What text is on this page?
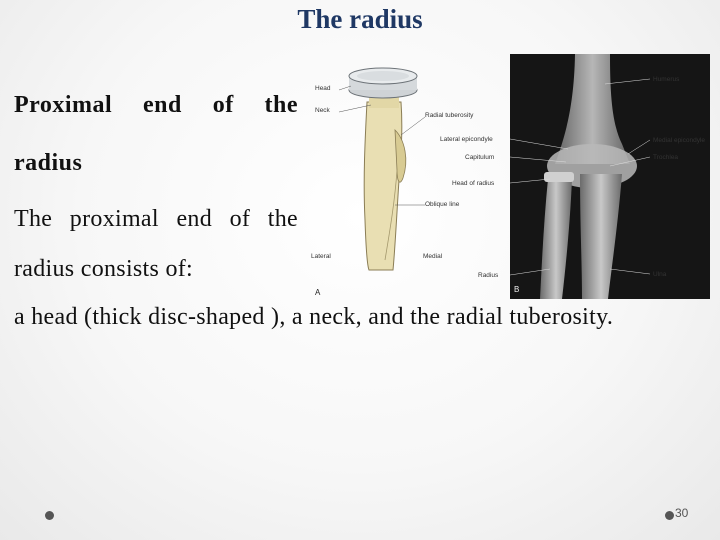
The radius
Proximal end of the radius
The proximal end of the radius consists of:
Head
Neck
Radial tuberosity
Oblique line
Lateral	Medial
A	B
Lateral epicondyle
Capitulum
Head of radius
Radius
Humerus
Medial epicondyle
Trochlea
Ulna
a head (thick disc-shaped ), a neck, and the radial tuberosity.
30
